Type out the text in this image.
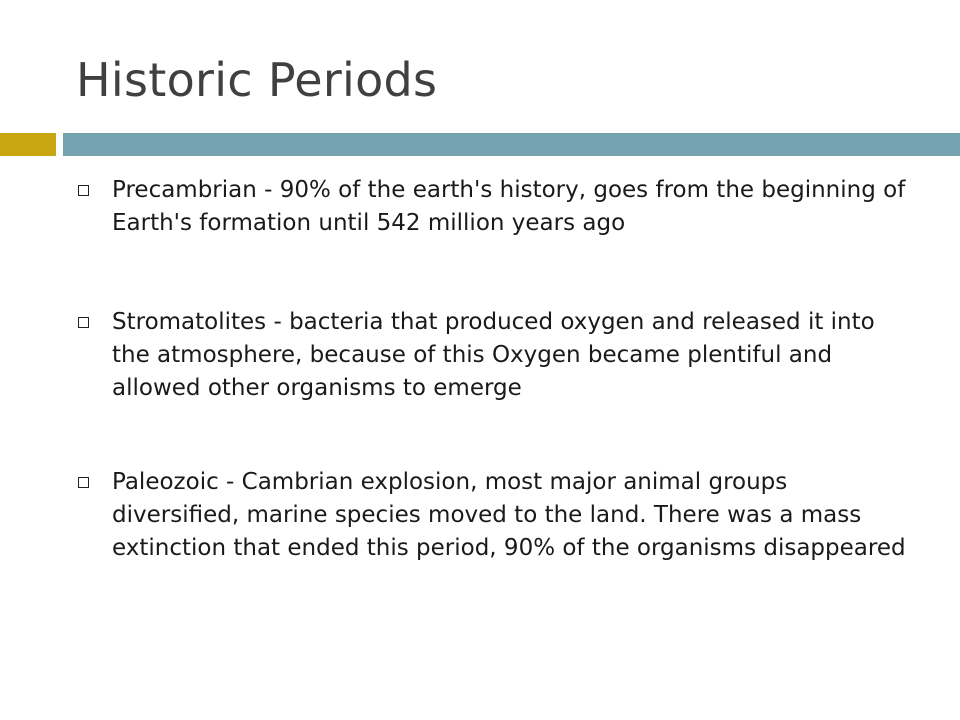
Historic Periods
Precambrian - 90% of the earth's history, goes from the beginning of Earth's formation until 542 million years ago
Stromatolites - bacteria that produced oxygen and released it into the atmosphere, because of this Oxygen became plentiful and allowed other organisms to emerge
Paleozoic - Cambrian explosion, most major animal groups diversified, marine species moved to the land. There was a mass extinction that ended this period, 90% of the organisms disappeared
